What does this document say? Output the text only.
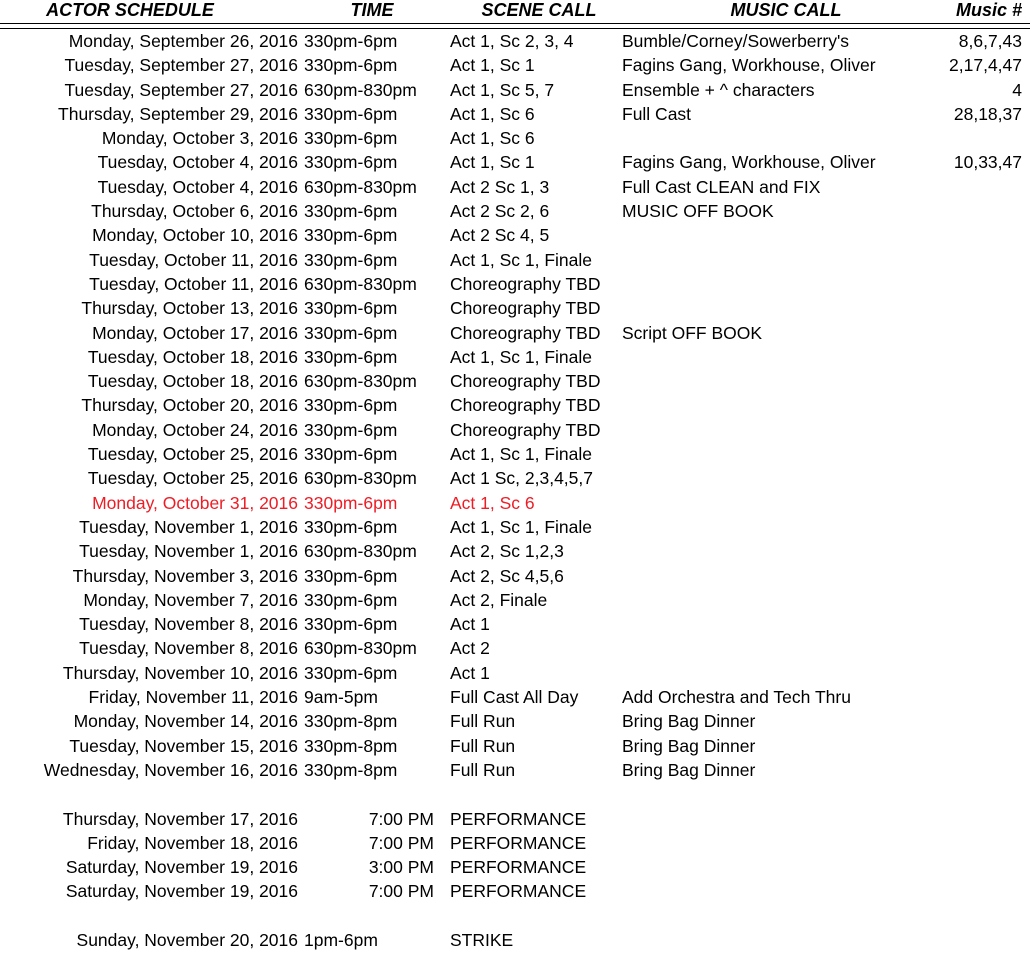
ACTOR SCHEDULE	TIME	SCENE CALL	MUSIC CALL	Music #

Monday, September 26, 2016	330pm-6pm	Act 1, Sc 2, 3, 4	Bumble/Corney/Sowerberry's	8,6,7,43
Tuesday, September 27, 2016	330pm-6pm	Act 1, Sc 1	Fagins Gang, Workhouse, Oliver	2,17,4,47
Tuesday, September 27, 2016	630pm-830pm	Act 1, Sc 5, 7	Ensemble + ^ characters	4
Thursday, September 29, 2016	330pm-6pm	Act 1, Sc 6	Full Cast	28,18,37
Monday, October 3, 2016	330pm-6pm	Act 1, Sc 6		
Tuesday, October 4, 2016	330pm-6pm	Act 1, Sc 1	Fagins Gang, Workhouse, Oliver	10,33,47
Tuesday, October 4, 2016	630pm-830pm	Act 2 Sc 1, 3	Full Cast CLEAN and FIX	
Thursday, October 6, 2016	330pm-6pm	Act 2 Sc 2, 6	MUSIC OFF BOOK	
Monday, October 10, 2016	330pm-6pm	Act 2 Sc 4, 5		
Tuesday, October 11, 2016	330pm-6pm	Act 1, Sc 1, Finale		
Tuesday, October 11, 2016	630pm-830pm	Choreography TBD		
Thursday, October 13, 2016	330pm-6pm	Choreography TBD		
Monday, October 17, 2016	330pm-6pm	Choreography TBD	Script OFF BOOK	
Tuesday, October 18, 2016	330pm-6pm	Act 1, Sc 1, Finale		
Tuesday, October 18, 2016	630pm-830pm	Choreography TBD		
Thursday, October 20, 2016	330pm-6pm	Choreography TBD		
Monday, October 24, 2016	330pm-6pm	Choreography TBD		
Tuesday, October 25, 2016	330pm-6pm	Act 1, Sc 1, Finale		
Tuesday, October 25, 2016	630pm-830pm	Act 1 Sc, 2,3,4,5,7		
Monday, October 31, 2016	330pm-6pm	Act 1, Sc 6		
Tuesday, November 1, 2016	330pm-6pm	Act 1, Sc 1, Finale		
Tuesday, November 1, 2016	630pm-830pm	Act 2, Sc 1,2,3		
Thursday, November 3, 2016	330pm-6pm	Act 2, Sc 4,5,6		
Monday, November 7, 2016	330pm-6pm	Act 2, Finale		
Tuesday, November 8, 2016	330pm-6pm	Act 1		
Tuesday, November 8, 2016	630pm-830pm	Act 2		
Thursday, November 10, 2016	330pm-6pm	Act 1		
Friday, November 11, 2016	9am-5pm	Full Cast All Day	Add Orchestra and Tech Thru	
Monday, November 14, 2016	330pm-8pm	Full Run	Bring Bag Dinner	
Tuesday, November 15, 2016	330pm-8pm	Full Run	Bring Bag Dinner	
Wednesday, November 16, 2016	330pm-8pm	Full Run	Bring Bag Dinner	

Thursday, November 17, 2016	7:00 PM	PERFORMANCE		
Friday, November 18, 2016	7:00 PM	PERFORMANCE		
Saturday, November 19, 2016	3:00 PM	PERFORMANCE		
Saturday, November 19, 2016	7:00 PM	PERFORMANCE		

Sunday, November 20, 2016	1pm-6pm	STRIKE		
